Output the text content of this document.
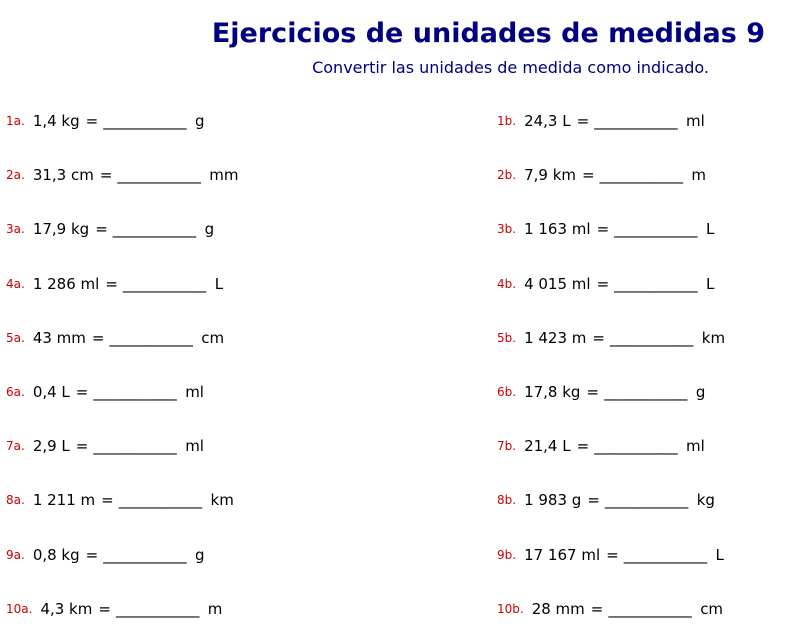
Ejercicios de unidades de medidas 9

Convertir las unidades de medida como indicado.

1a. 1,4 kg = ____________ g
2a. 31,3 cm = ____________ mm
3a. 17,9 kg = ____________ g
4a. 1 286 ml = ____________ L
5a. 43 mm = ____________ cm
6a. 0,4 L = ____________ ml
7a. 2,9 L = ____________ ml
8a. 1 211 m = ____________ km
9a. 0,8 kg = ____________ g
10a. 4,3 km = ____________ m
1b. 24,3 L = ____________ ml
2b. 7,9 km = ____________ m
3b. 1 163 ml = ____________ L
4b. 4 015 ml = ____________ L
5b. 1 423 m = ____________ km
6b. 17,8 kg = ____________ g
7b. 21,4 L = ____________ ml
8b. 1 983 g = ____________ kg
9b. 17 167 ml = ____________ L
10b. 28 mm = ____________ cm
